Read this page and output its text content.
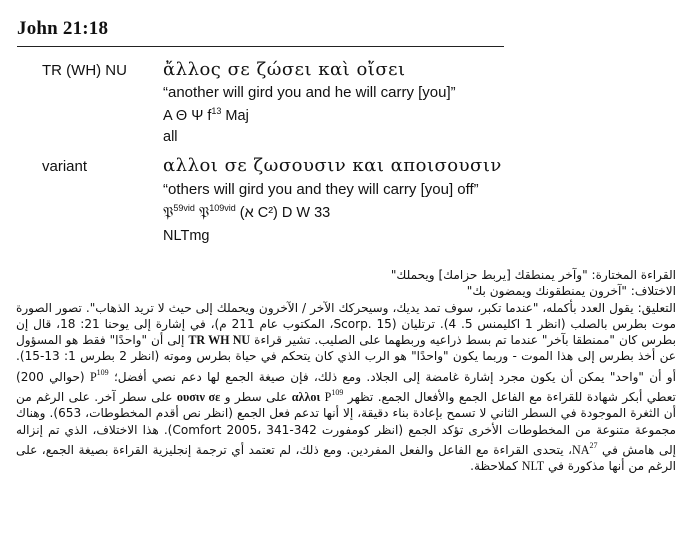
John 21:18
TR (WH) NU ἄλλος σε ζώσει καὶ οἴσει
“another will gird you and he will carry [you]”
A Θ Ψ $f^{13}$ Maj
all
variant	αλλοι σε ζωσουσιν και αποισουσιν
“others will gird you and they will carry [you] off”
𝔓$^{59vid}$ 𝔓$^{109vid}$ (א C²) D W 33
NLTmg

القراءة المختارة: "وآخر يمنطقك [يربط حزامك] ويحملك"

الاختلاف: "آخرون يمنطقونك ويمضون بك"

التعليق: يقول العدد بأكمله، "عندما تكبر، سوف تمد يديك، وسيحركك الآخر / الآخرون ويحملك إلى حيث لا تريد الذهاب". تصور الصورة موت بطرس بالصلب (انظر 1 اكليمنس 5. 4). ترتليان (Scorp. 15، المكتوب عام 211 م)، في إشارة إلى يوحنا 21: 18، قال إن بطرس كان "ممنطقا بآخر" عندما تم بسط ذراعيه وربطهما على الصليب. تشير قراءة TR WH NU إلى أن "واحدًا" فقط هو المسؤول عن أخذ بطرس إلى هذا الموت - وربما يكون "واحدًا" هو الرب الذي كان يتحكم في حياة بطرس وموته (انظر 2 بطرس 1: 13-15). أو أن "واحد" يمكن أن يكون مجرد إشارة غامضة إلى الجلاد. ومع ذلك، فإن صيغة الجمع لها دعم نصي أفضل؛ $P^{109}$ (حوالي 200) تعطي أبكر شهادة للقراءة مع الفاعل الجمع والأفعال الجمع. تظهر αλλοι $P^{109}$ على سطر و ουσιν σε على سطر آخر. على الرغم من أن الثغرة الموجودة في السطر الثاني لا تسمح بإعادة بناء دقيقة، إلا أنها تدعم فعل الجمع (انظر نص أقدم المخطوطات، 653). وهناك مجموعة متنوعة من المخطوطات الأخرى تؤكد الجمع (انظر كومفورت Comfort 2005، 341-342). هذا الاختلاف، الذي تم إنزاله إلى هامش في NA$^{27}$، يتحدى القراءة مع الفاعل والفعل المفردين. ومع ذلك، لم تعتمد أي ترجمة إنجليزية القراءة بصيغة الجمع، على الرغم من أنها مذكورة في NLT كملاحظة.
